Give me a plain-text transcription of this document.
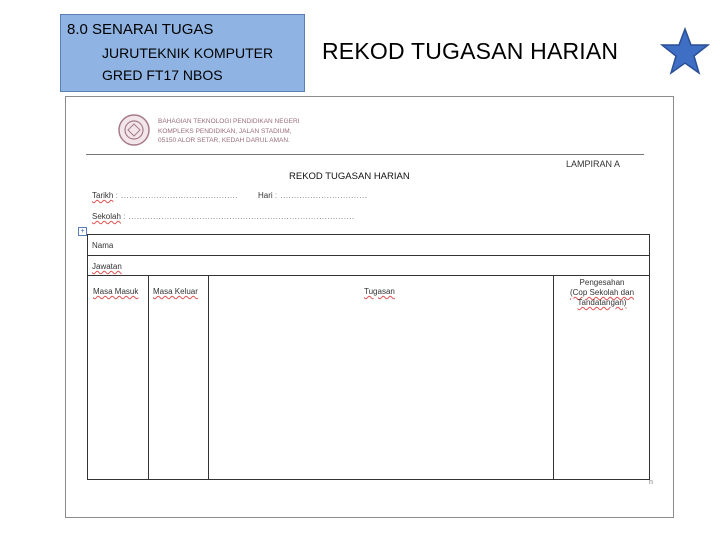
8.0 SENARAI TUGAS
JURUTEKNIK KOMPUTER
GRED FT17 NBOS
REKOD TUGASAN HARIAN
BAHAGIAN TEKNOLOGI PENDIDIKAN NEGERI
KOMPLEKS PENDIDIKAN, JALAN STADIUM,
05150 ALOR SETAR, KEDAH DARUL AMAN.
LAMPIRAN A
REKOD TUGASAN HARIAN
Tarikh : ........................................... Hari : ................................
Sekolah : ...................................................................................
+
Nama
Jawatan
Masa Masuk Masa Keluar	Tugasan
Pengesahan
(Cop Sekolah dan
Tandatangan)
n
